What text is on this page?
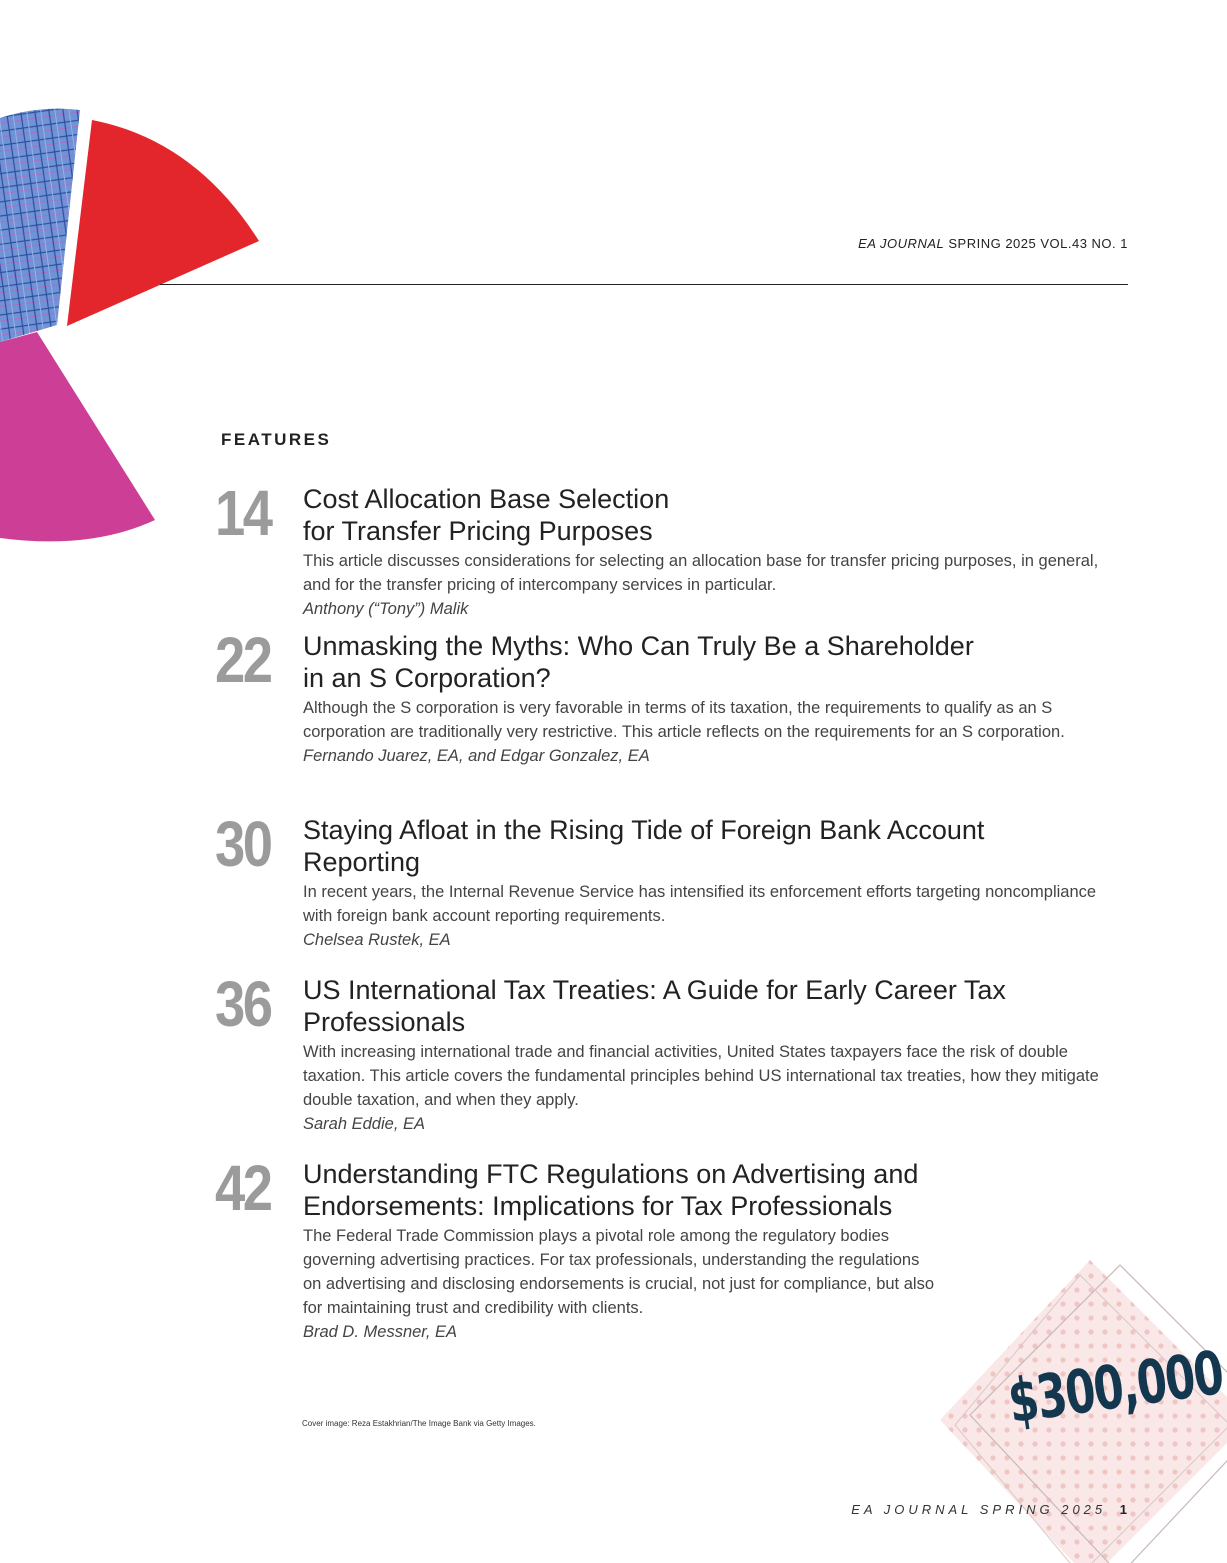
EA JOURNAL SPRING 2025 VOL.43 NO. 1
FEATURES
14 Cost Allocation Base Selection
for Transfer Pricing Purposes
This article discusses considerations for selecting an allocation base for transfer pricing purposes, in general, and for the transfer pricing of intercompany services in particular.
Anthony (“Tony”) Malik
22 Unmasking the Myths: Who Can Truly Be a Shareholder
in an S Corporation?
Although the S corporation is very favorable in terms of its taxation, the requirements to qualify as an S corporation are traditionally very restrictive. This article reflects on the requirements for an S corporation.
Fernando Juarez, EA, and Edgar Gonzalez, EA
30 Staying Afloat in the Rising Tide of Foreign Bank Account Reporting
In recent years, the Internal Revenue Service has intensified its enforcement efforts targeting noncompliance with foreign bank account reporting requirements.
Chelsea Rustek, EA
36 US International Tax Treaties: A Guide for Early Career Tax Professionals
With increasing international trade and financial activities, United States taxpayers face the risk of double taxation. This article covers the fundamental principles behind US international tax treaties, how they mitigate double taxation, and when they apply.
Sarah Eddie, EA
42 Understanding FTC Regulations on Advertising and
Endorsements: Implications for Tax Professionals
The Federal Trade Commission plays a pivotal role among the regulatory bodies governing advertising practices. For tax professionals, understanding the regulations on advertising and disclosing endorsements is crucial, not just for compliance, but also for maintaining trust and credibility with clients.
Brad D. Messner, EA
Cover image: Reza Estakhrian/The Image Bank via Getty Images.	$300,000
EA JOURNAL SPRING 2025 1
